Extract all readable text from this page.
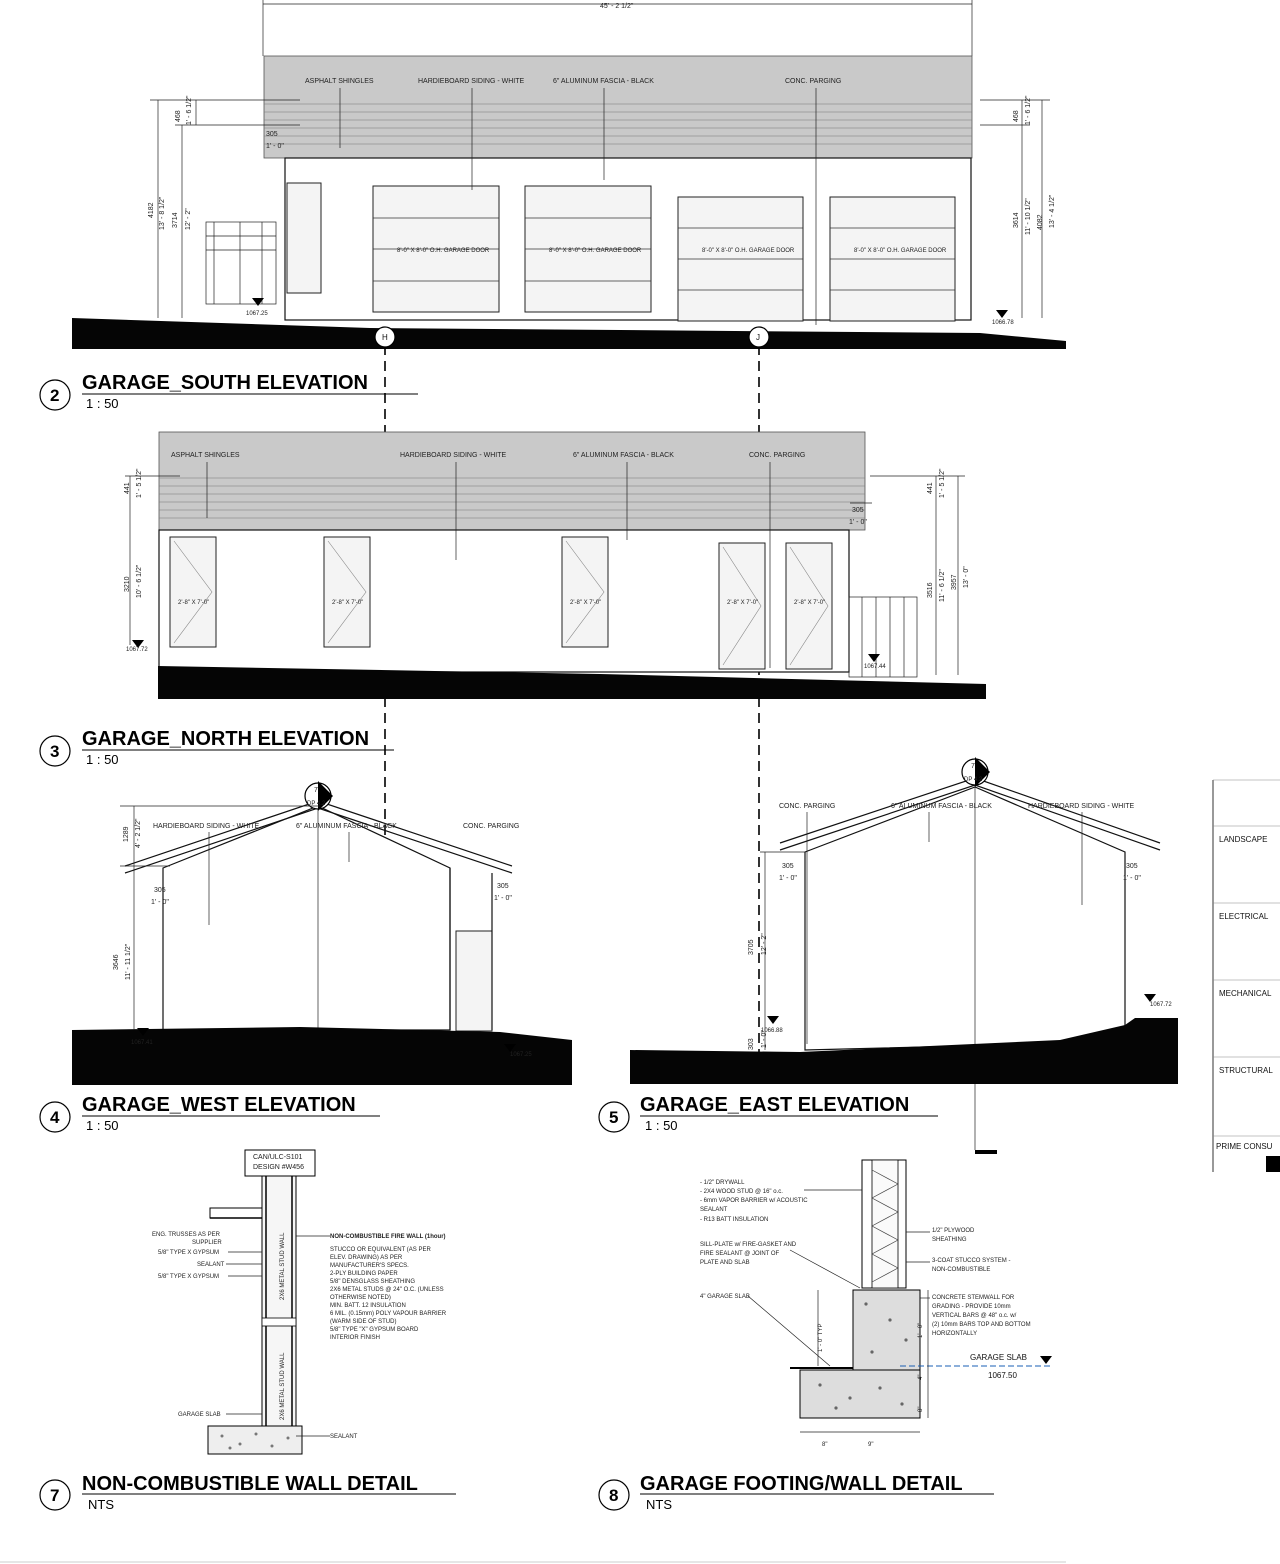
45' - 2 1/2"
8'-0" X 8'-0" O.H. GARAGE DOOR	8'-0" X 8'-0" O.H. GARAGE DOOR	8'-0" X 8'-0" O.H. GARAGE DOOR	8'-0" X 8'-0" O.H. GARAGE DOOR
ASPHALT SHINGLES	HARDIEBOARD SIDING - WHITE	6" ALUMINUM FASCIA - BLACK	CONC. PARGING
468 1' - 6 1/2"
305
1' - 0"
4182 13' - 8 1/2" 3714 12' - 2"
468 1' - 6 1/2"
3614 11' - 10 1/2" 4082 13' - 4 1/2"
1067.25
1066.78
H	J
2
GARAGE_SOUTH ELEVATION
1 : 50
2'-8" X 7'-0"	2'-8" X 7'-0"	2'-8" X 7'-0"	2'-8" X 7'-0"	2'-8" X 7'-0"
ASPHALT SHINGLES	HARDIEBOARD SIDING - WHITE	6" ALUMINUM FASCIA - BLACK	CONC. PARGING
441 1' - 5 1/2"
3210 10' - 6 1/2"
1067.72
305
1' - 0"
441 1' - 5 1/2"
3516 11' - 6 1/2" 3957 13' - 0"
1067.44
3
GARAGE_NORTH ELEVATION
1 : 50
7
DP 4.2
HARDIEBOARD SIDING - WHITE	6" ALUMINUM FASCIA - BLACK	CONC. PARGING
1289 4' - 2 1/2"
305
1' - 0"
305
1' - 0"
3646 11' - 11 1/2"
1067.41
1067.25
4
GARAGE_WEST ELEVATION
1 : 50
7
DP 4.2
CONC. PARGING	6" ALUMINUM FASCIA - BLACK	HARDIEBOARD SIDING - WHITE
305
1' - 0"
305
1' - 0"
3705 12' - 2"
303 1' - 0"
1066.88
1067.72
5
GARAGE_EAST ELEVATION
1 : 50
LANDSCAPE
ELECTRICAL
MECHANICAL
STRUCTURAL
PRIME CONSU
CAN/ULC-S101
DESIGN #W456
2X6 METAL STUD WALL
2X6 METAL STUD WALL
ENG. TRUSSES AS PER
SUPPLIER
5/8" TYPE X GYPSUM
SEALANT
5/8" TYPE X GYPSUM
GARAGE SLAB
NON-COMBUSTIBLE FIRE WALL (1hour)
STUCCO OR EQUIVALENT (AS PER
ELEV. DRAWING) AS PER
MANUFACTURER'S SPECS.
2-PLY BUILDING PAPER
5/8" DENSGLASS SHEATHING
2X6 METAL STUDS @ 24" O.C. (UNLESS
OTHERWISE NOTED)
MIN. BATT. 12 INSULATION
6 MIL. (0.15mm) POLY VAPOUR BARRIER
(WARM SIDE OF STUD)
5/8" TYPE "X" GYPSUM BOARD
INTERIOR FINISH
SEALANT
7
NON-COMBUSTIBLE WALL DETAIL
NTS
GARAGE SLAB
1067.50
- 1/2" DRYWALL
- 2X4 WOOD STUD @ 16" o.c.
- 6mm VAPOR BARRIER w/ ACOUSTIC
SEALANT
- R13 BATT INSULATION
SILL-PLATE w/ FIRE-GASKET AND
FIRE SEALANT @ JOINT OF
PLATE AND SLAB
4" GARAGE SLAB
1/2" PLYWOOD
SHEATHING
3-COAT STUCCO SYSTEM -
NON-COMBUSTIBLE
CONCRETE STEMWALL FOR
GRADING - PROVIDE 10mm
VERTICAL BARS @ 48" o.c. w/
(2) 10mm BARS TOP AND BOTTOM
HORIZONTALLY
1' - 0" TYP	1' - 0"
4"
8"
8"	9"
8
GARAGE FOOTING/WALL DETAIL
NTS
